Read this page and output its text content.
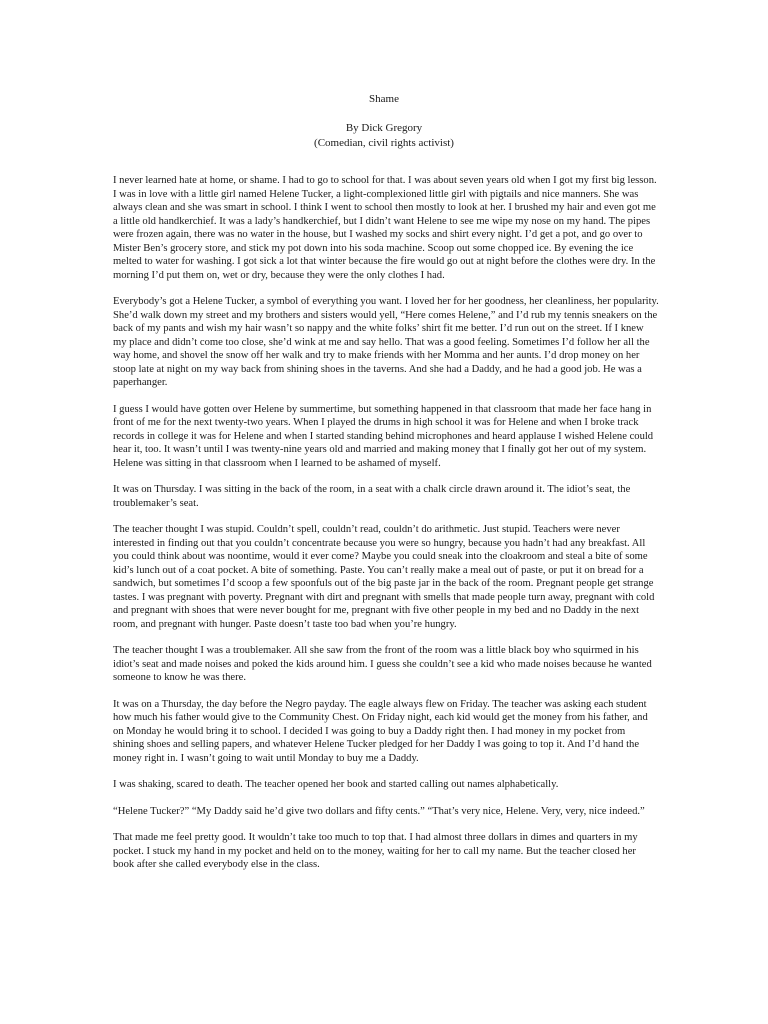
Shame
By Dick Gregory
(Comedian, civil rights activist)

I never learned hate at home, or shame. I had to go to school for that. I was about seven years old when I got my first big lesson. I was in love with a little girl named Helene Tucker, a light-complexioned little girl with pigtails and nice manners. She was always clean and she was smart in school. I think I went to school then mostly to look at her. I brushed my hair and even got me a little old handkerchief. It was a lady’s handkerchief, but I didn’t want Helene to see me wipe my nose on my hand. The pipes were frozen again, there was no water in the house, but I washed my socks and shirt every night. I’d get a pot, and go over to Mister Ben’s grocery store, and stick my pot down into his soda machine. Scoop out some chopped ice. By evening the ice melted to water for washing. I got sick a lot that winter because the fire would go out at night before the clothes were dry. In the morning I’d put them on, wet or dry, because they were the only clothes I had.

Everybody’s got a Helene Tucker, a symbol of everything you want. I loved her for her goodness, her cleanliness, her popularity. She’d walk down my street and my brothers and sisters would yell, “Here comes Helene,” and I’d rub my tennis sneakers on the back of my pants and wish my hair wasn’t so nappy and the white folks’ shirt fit me better. I’d run out on the street. If I knew my place and didn’t come too close, she’d wink at me and say hello. That was a good feeling. Sometimes I’d follow her all the way home, and shovel the snow off her walk and try to make friends with her Momma and her aunts. I’d drop money on her stoop late at night on my way back from shining shoes in the taverns. And she had a Daddy, and he had a good job. He was a paperhanger.

I guess I would have gotten over Helene by summertime, but something happened in that classroom that made her face hang in front of me for the next twenty-two years. When I played the drums in high school it was for Helene and when I broke track records in college it was for Helene and when I started standing behind microphones and heard applause I wished Helene could hear it, too. It wasn’t until I was twenty-nine years old and married and making money that I finally got her out of my system. Helene was sitting in that classroom when I learned to be ashamed of myself.

It was on Thursday. I was sitting in the back of the room, in a seat with a chalk circle drawn around it. The idiot’s seat, the troublemaker’s seat.

The teacher thought I was stupid. Couldn’t spell, couldn’t read, couldn’t do arithmetic. Just stupid. Teachers were never interested in finding out that you couldn’t concentrate because you were so hungry, because you hadn’t had any breakfast. All you could think about was noontime, would it ever come? Maybe you could sneak into the cloakroom and steal a bite of some kid’s lunch out of a coat pocket. A bite of something. Paste. You can’t really make a meal out of paste, or put it on bread for a sandwich, but sometimes I’d scoop a few spoonfuls out of the big paste jar in the back of the room. Pregnant people get strange tastes. I was pregnant with poverty. Pregnant with dirt and pregnant with smells that made people turn away, pregnant with cold and pregnant with shoes that were never bought for me, pregnant with five other people in my bed and no Daddy in the next room, and pregnant with hunger. Paste doesn’t taste too bad when you’re hungry.

The teacher thought I was a troublemaker. All she saw from the front of the room was a little black boy who squirmed in his idiot’s seat and made noises and poked the kids around him. I guess she couldn’t see a kid who made noises because he wanted someone to know he was there.

It was on a Thursday, the day before the Negro payday. The eagle always flew on Friday. The teacher was asking each student how much his father would give to the Community Chest. On Friday night, each kid would get the money from his father, and on Monday he would bring it to school. I decided I was going to buy a Daddy right then. I had money in my pocket from shining shoes and selling papers, and whatever Helene Tucker pledged for her Daddy I was going to top it. And I’d hand the money right in. I wasn’t going to wait until Monday to buy me a Daddy.

I was shaking, scared to death. The teacher opened her book and started calling out names alphabetically.

“Helene Tucker?” “My Daddy said he’d give two dollars and fifty cents.” “That’s very nice, Helene. Very, very, nice indeed.”

That made me feel pretty good. It wouldn’t take too much to top that. I had almost three dollars in dimes and quarters in my pocket. I stuck my hand in my pocket and held on to the money, waiting for her to call my name. But the teacher closed her book after she called everybody else in the class.
